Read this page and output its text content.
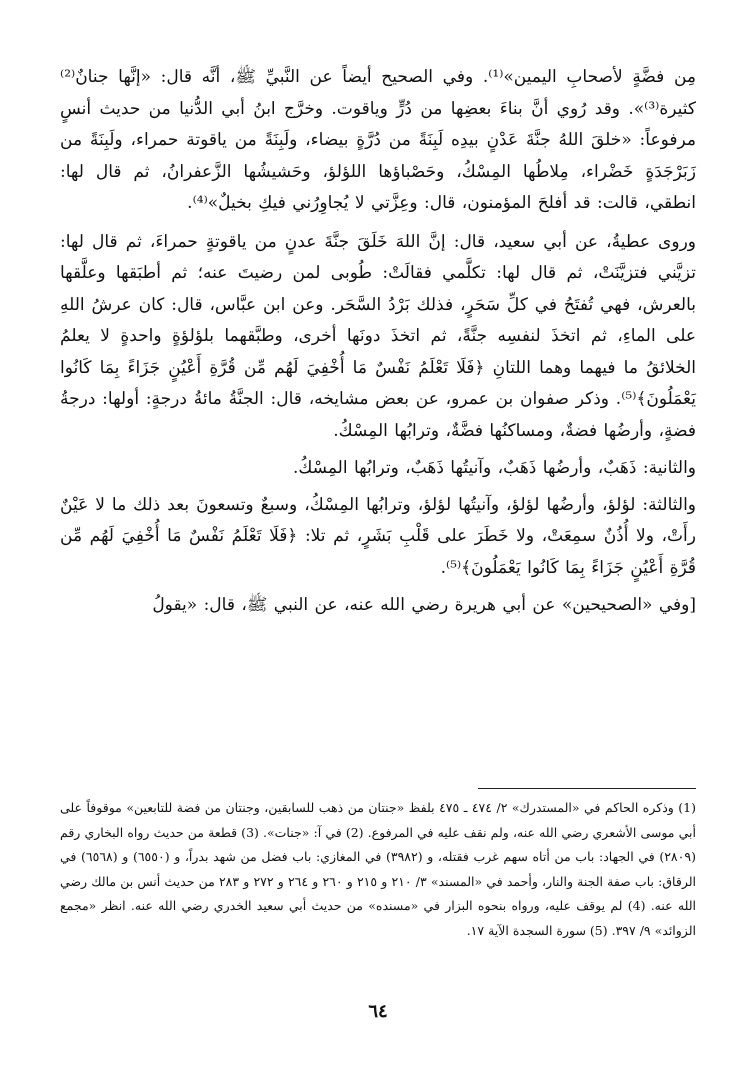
مِن فضَّةٍ لأصحابِ اليمين»⁽¹⁾. وفي الصحيح أيضاً عن النَّبيِّ ﷺ، أنَّه قال: «إنَّها جنانٌ⁽²⁾ كثيرة⁽³⁾». وقد رُوي أنَّ بناءَ بعضِها من دُرٍّ وياقوت. وخرَّج ابنُ أبي الدُّنيا من حديث أنسٍ مرفوعاً: «خلقَ اللهُ جنَّةَ عَدْنٍ بيدِه لَبِنَةً من دُرَّةٍ بيضاء، ولَبِنَةً من ياقوتة حمراء، ولَبِنَةً من زَبَرْجَدَةٍ خَضْراء، مِلاطُها المِسْكُ، وحَصْباؤها اللؤلؤ، وحَشيشُها الزَّعفرانُ، ثم قال لها: انطقي، قالت: قد أفلحَ المؤمنون، قال: وعِزَّتي لا يُجاوِرُني فيكِ بخيلٌ»⁽⁴⁾.

وروى عطيةُ، عن أبي سعيد، قال: إنَّ اللهَ خَلَقَ جنَّةَ عدنٍ من ياقوتةٍ حمراءَ، ثم قال لها: تزيَّني فتزيَّنَتْ، ثم قال لها: تكلَّمي فقالَتْ: طُوبى لمن رضيتَ عنه؛ ثم أطبَقها وعلَّقها بالعرش، فهي تُفتَحُ في كلِّ سَحَرٍ، فذلك بَرْدُ السَّحَر. وعن ابن عبَّاس، قال: كان عرشُ اللهِ على الماءِ، ثم اتخذَ لنفسِه جنَّةً، ثم اتخذَ دونَها أخرى، وطبَّقهما بلؤلؤةٍ واحدةٍ لا يعلمُ الخلائقُ ما فيهما وهما اللتانِ ﴿فَلَا تَعْلَمُ نَفْسٌ مَا أُخْفِيَ لَهُم مِّن قُرَّةِ أَعْيُنٍ جَزَاءً بِمَا كَانُوا يَعْمَلُونَ﴾⁽⁵⁾. وذكر صفوان بن عمرو، عن بعض مشايخه، قال: الجنَّةُ مائةُ درجةٍ: أولها: درجةُ فضةٍ، وأرضُها فضةٌ، ومساكنُها فضَّةٌ، وترابُها المِسْكُ.

والثانية: ذَهَبٌ، وأرضُها ذَهَبٌ، وآنيتُها ذَهَبٌ، وترابُها المِسْكُ.

والثالثة: لؤلؤ، وأرضُها لؤلؤ، وآنيتُها لؤلؤ، وترابُها المِسْكُ، وسبعٌ وتسعونَ بعد ذلك ما لا عَيْنٌ رأَتْ، ولا أُذُنٌ سمِعَتْ، ولا خَطَرَ على قَلْبِ بَشَرٍ، ثم تلا: ﴿فَلَا تَعْلَمُ نَفْسٌ مَا أُخْفِيَ لَهُم مِّن قُرَّةِ أَعْيُنٍ جَزَاءً بِمَا كَانُوا يَعْمَلُونَ﴾⁽⁵⁾.

[وفي «الصحيحين» عن أبي هريرة رضي الله عنه، عن النبي ﷺ، قال: «يقولُ

(1) وذكره الحاكم في «المستدرك» ٢/ ٤٧٤ ـ ٤٧٥ بلفظ «جنتان من ذهب للسابقين، وجنتان من فضة للتابعين» موقوفاً على أبي موسى الأشعري رضي الله عنه، ولم نقف عليه في المرفوع. (2) في آ: «جنات». (3) قطعة من حديث رواه البخاري رقم (٢٨٠٩) في الجهاد: باب من أتاه سهم غرب فقتله، و (٣٩٨٢) في المغازي: باب فضل من شهد بدراً، و (٦٥٥٠) و (٦٥٦٨) في الرقاق: باب صفة الجنة والنار، وأحمد في «المسند» ٣/ ٢١٠ و ٢١٥ و ٢٦٠ و ٢٦٤ و ٢٧٢ و ٢٨٣ من حديث أنس بن مالك رضي الله عنه. (4) لم يوقف عليه، ورواه بنحوه البزار في «مسنده» من حديث أبي سعيد الخدري رضي الله عنه. انظر «مجمع الزوائد» ٩/ ٣٩٧. (5) سورة السجدة الآية ١٧.

٦٤
